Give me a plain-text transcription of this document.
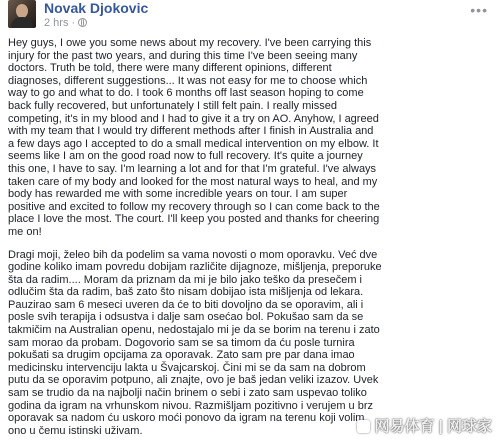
Novak Djokovic
2 hrs ·
•••
Hey guys, I owe you some news about my recovery. I've been carrying this
injury for the past two years, and during this time I've been seeing many
doctors. Truth be told, there were many different opinions, different
diagnoses, different suggestions... It was not easy for me to choose which
way to go and what to do. I took 6 months off last season hoping to come
back fully recovered, but unfortunately I still felt pain. I really missed
competing, it's in my blood and I had to give it a try on AO. Anyhow, I agreed
with my team that I would try different methods after I finish in Australia and
a few days ago I accepted to do a small medical intervention on my elbow. It
seems like I am on the good road now to full recovery. It's quite a journey
this one, I have to say. I'm learning a lot and for that I'm grateful. I've always
taken care of my body and looked for the most natural ways to heal, and my
body has rewarded me with some incredible years on tour. I am super
positive and excited to follow my recovery through so I can come back to the
place I love the most. The court. I'll keep you posted and thanks for cheering
me on!
Dragi moji, želeo bih da podelim sa vama novosti o mom oporavku. Već dve
godine koliko imam povredu dobijam različite dijagnoze, mišljenja, preporuke
šta da radim.... Moram da priznam da mi je bilo jako teško da presečem i
odlučim šta da radim, baš zato što nisam dobijao ista mišljenja od lekara.
Pauzirao sam 6 meseci uveren da će to biti dovoljno da se oporavim, ali i
posle svih terapija i odsustva i dalje sam osećao bol. Pokušao sam da se
takmičim na Australian openu, nedostajalo mi je da se borim na terenu i zato
sam morao da probam. Dogovorio sam se sa timom da ću posle turnira
pokušati sa drugim opcijama za oporavak. Zato sam pre par dana imao
medicinsku intervenciju lakta u Švajcarskoj. Čini mi se da sam na dobrom
putu da se oporavim potpuno, ali znajte, ovo je baš jedan veliki izazov. Uvek
sam se trudio da na najbolji način brinem o sebi i zato sam uspevao toliko
godina da igram na vrhunskom nivou. Razmišljam pozitivno i verujem u brz
oporavak sa nadom ću uskoro moći ponovo da igram na terenu koji volim
ono u čemu istinski uživam.	网易体育 | 网球家
